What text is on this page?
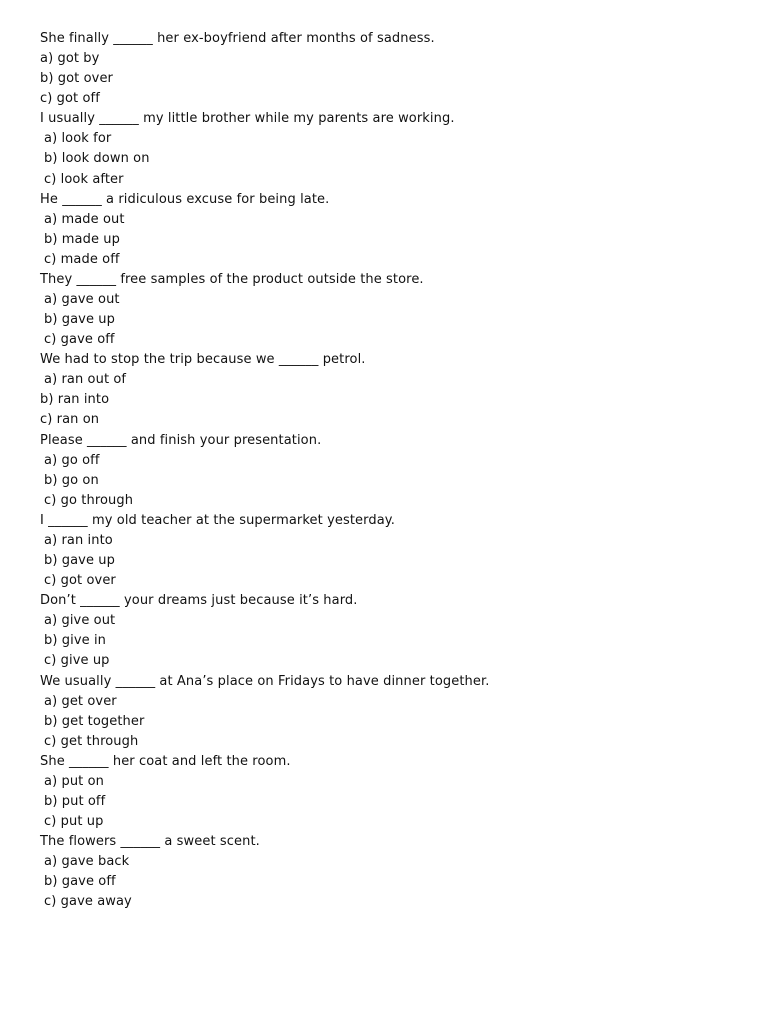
She finally ______ her ex-boyfriend after months of sadness.
a) got by
b) got over
c) got off
I usually ______ my little brother while my parents are working.
a) look for
b) look down on
c) look after
He ______ a ridiculous excuse for being late.
a) made out
b) made up
c) made off
They ______ free samples of the product outside the store.
a) gave out
b) gave up
c) gave off
We had to stop the trip because we ______ petrol.
a) ran out of
b) ran into
c) ran on
Please ______ and finish your presentation.
a) go off
b) go on
c) go through
I ______ my old teacher at the supermarket yesterday.
a) ran into
b) gave up
c) got over
Don’t ______ your dreams just because it’s hard.
a) give out
b) give in
c) give up
We usually ______ at Ana’s place on Fridays to have dinner together.
a) get over
b) get together
c) get through
She ______ her coat and left the room.
a) put on
b) put off
c) put up
The flowers ______ a sweet scent.
a) gave back
b) gave off
c) gave away
